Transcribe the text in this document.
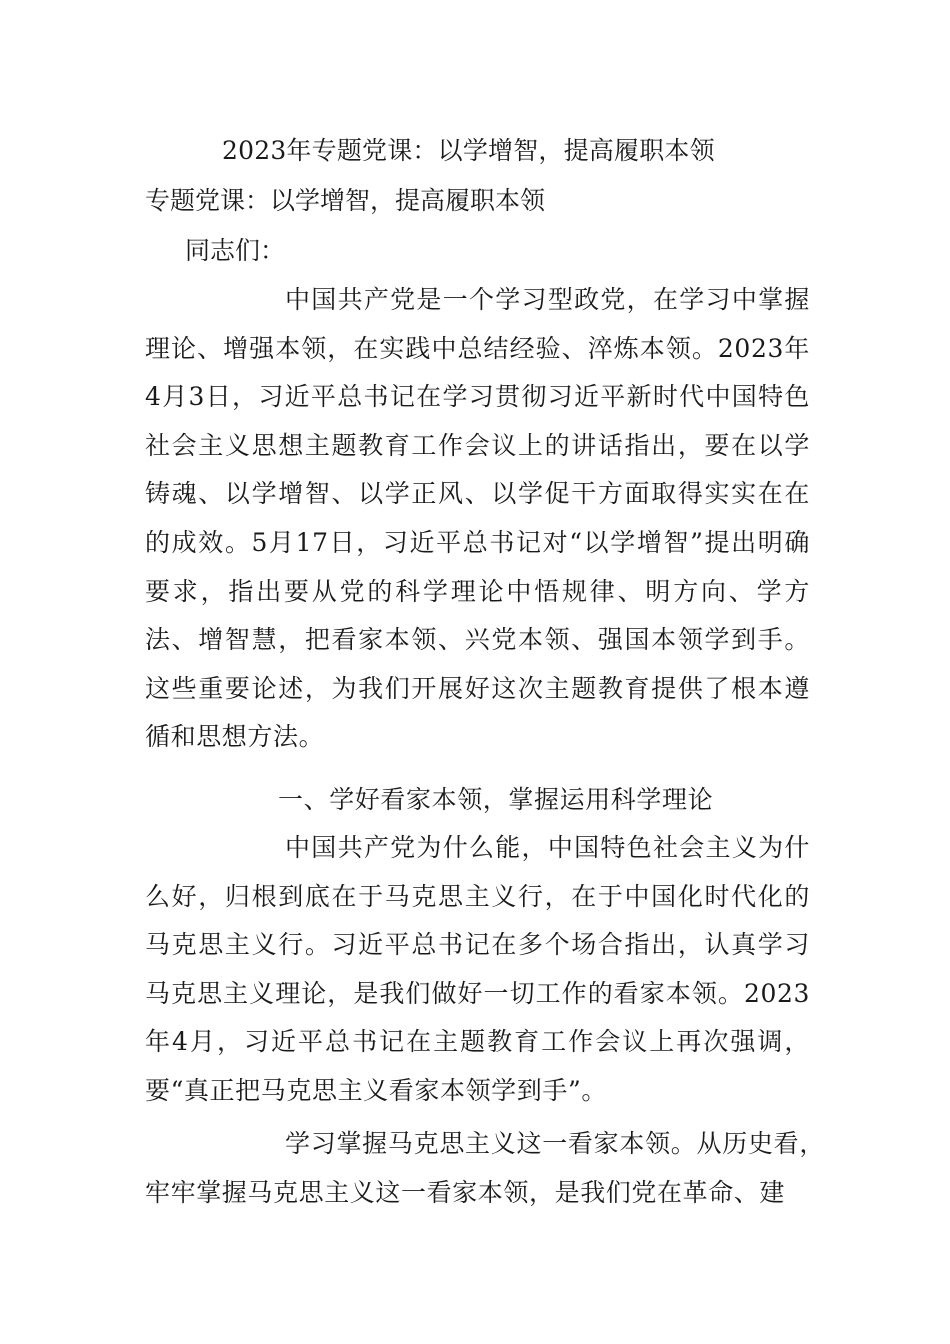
2023年专题党课：以学增智，提高履职本领
专题党课：以学增智，提高履职本领
同志们：

中国共产党是一个学习型政党，在学习中掌握理论、增强本领，在实践中总结经验、淬炼本领。2023年4月3日，习近平总书记在学习贯彻习近平新时代中国特色社会主义思想主题教育工作会议上的讲话指出，要在以学铸魂、以学增智、以学正风、以学促干方面取得实实在在的成效。5月17日，习近平总书记对“以学增智”提出明确要求，指出要从党的科学理论中悟规律、明方向、学方法、增智慧，把看家本领、兴党本领、强国本领学到手。这些重要论述，为我们开展好这次主题教育提供了根本遵循和思想方法。

一、学好看家本领，掌握运用科学理论

中国共产党为什么能，中国特色社会主义为什么好，归根到底在于马克思主义行，在于中国化时代化的马克思主义行。习近平总书记在多个场合指出，认真学习马克思主义理论，是我们做好一切工作的看家本领。2023年4月，习近平总书记在主题教育工作会议上再次强调，要“真正把马克思主义看家本领学到手”。

学习掌握马克思主义这一看家本领。从历史看，牢牢掌握马克思主义这一看家本领，是我们党在革命、建
